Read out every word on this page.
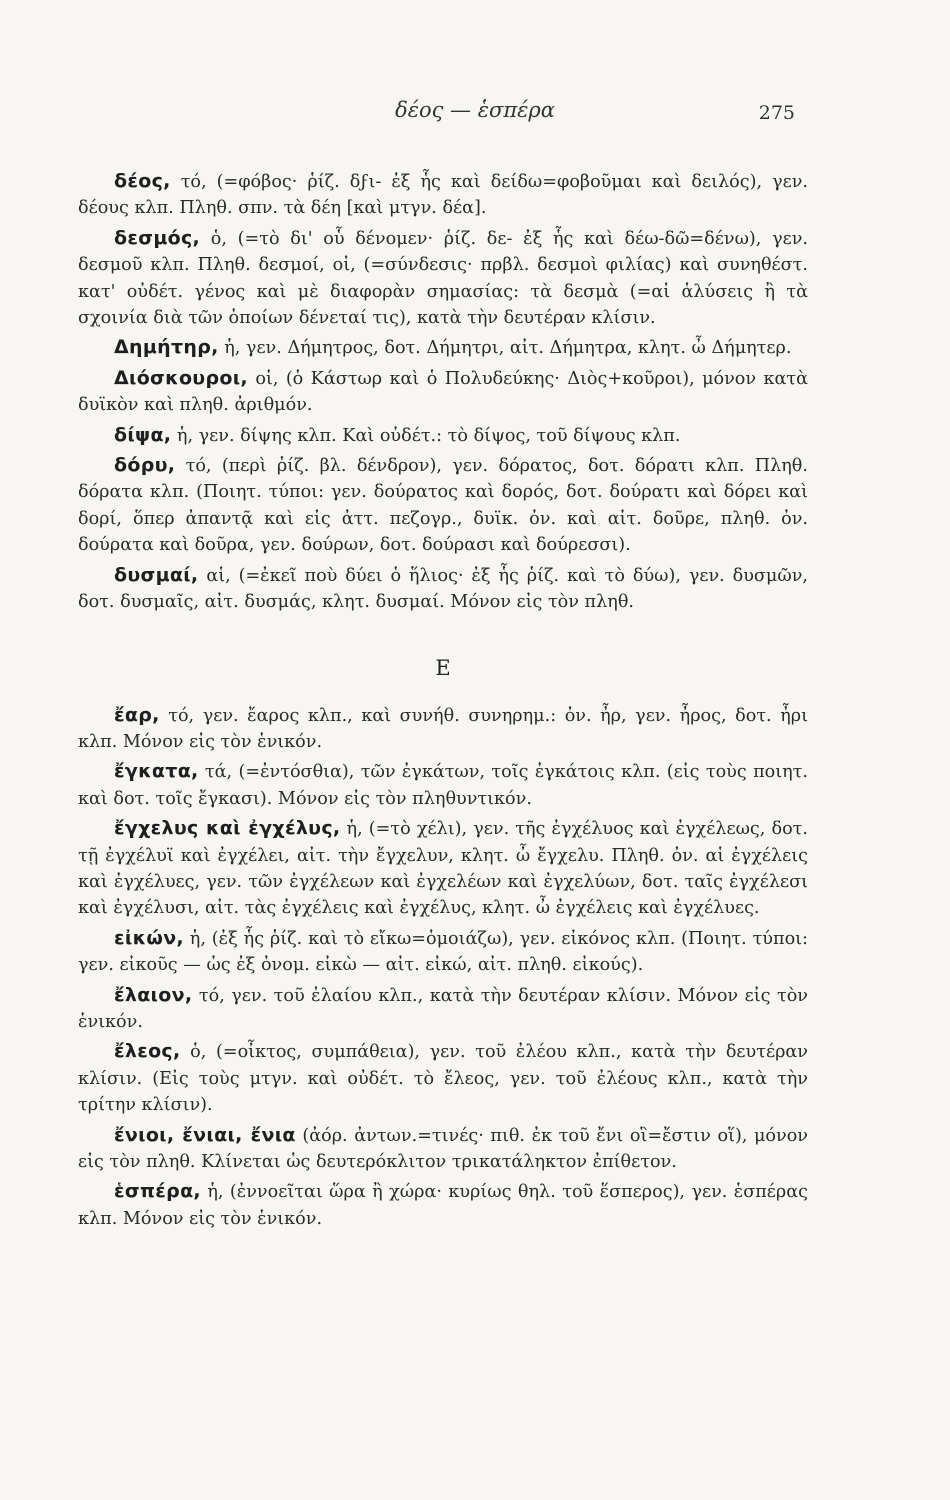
δέος — ἑσπέρα	275

δέος, τό, (=φόβος· ῥίζ. δϝι- ἐξ ἧς καὶ δείδω=φοβοῦμαι καὶ δειλός), γεν. δέους κλπ. Πληθ. σπν. τὰ δέη [καὶ μτγν. δέα].

δεσμός, ὁ, (=τὸ δι' οὗ δένομεν· ῥίζ. δε- ἐξ ἧς καὶ δέω-δῶ=δένω), γεν. δεσμοῦ κλπ. Πληθ. δεσμοί, οἱ, (=σύνδεσις· πρβλ. δεσμοὶ φιλίας) καὶ συνηθέστ. κατ' οὐδέτ. γένος καὶ μὲ διαφορὰν σημασίας: τὰ δεσμὰ (=αἱ ἁλύσεις ἢ τὰ σχοινία διὰ τῶν ὁποίων δένεταί τις), κατὰ τὴν δευτέραν κλίσιν.

Δημήτηρ, ἡ, γεν. Δήμητρος, δοτ. Δήμητρι, αἰτ. Δήμητρα, κλητ. ὦ Δήμητερ.

Διόσκουροι, οἱ, (ὁ Κάστωρ καὶ ὁ Πολυδεύκης· Διὸς+κοῦροι), μόνον κατὰ δυϊκὸν καὶ πληθ. ἀριθμόν.

δίψα, ἡ, γεν. δίψης κλπ. Καὶ οὐδέτ.: τὸ δίψος, τοῦ δίψους κλπ.

δόρυ, τό, (περὶ ῥίζ. βλ. δένδρον), γεν. δόρατος, δοτ. δόρατι κλπ. Πληθ. δόρατα κλπ. (Ποιητ. τύποι: γεν. δούρατος καὶ δορός, δοτ. δούρατι καὶ δόρει καὶ δορί, ὅπερ ἀπαντᾷ καὶ εἰς ἀττ. πεζογρ., δυϊκ. ὀν. καὶ αἰτ. δοῦρε, πληθ. ὀν. δούρατα καὶ δοῦρα, γεν. δούρων, δοτ. δούρασι καὶ δούρεσσι).

δυσμαί, αἱ, (=ἐκεῖ ποὺ δύει ὁ ἥλιος· ἐξ ἧς ῥίζ. καὶ τὸ δύω), γεν. δυσμῶν, δοτ. δυσμαῖς, αἰτ. δυσμάς, κλητ. δυσμαί. Μόνον εἰς τὸν πληθ.

Ε

ἔαρ, τό, γεν. ἔαρος κλπ., καὶ συνήθ. συνηρημ.: ὀν. ἦρ, γεν. ἦρος, δοτ. ἦρι κλπ. Μόνον εἰς τὸν ἑνικόν.

ἔγκατα, τά, (=ἐντόσθια), τῶν ἐγκάτων, τοῖς ἐγκάτοις κλπ. (εἰς τοὺς ποιητ. καὶ δοτ. τοῖς ἔγκασι). Μόνον εἰς τὸν πληθυντικόν.

ἔγχελυς καὶ ἐγχέλυς, ἡ, (=τὸ χέλι), γεν. τῆς ἐγχέλυος καὶ ἐγχέλεως, δοτ. τῇ ἐγχέλυϊ καὶ ἐγχέλει, αἰτ. τὴν ἔγχελυν, κλητ. ὦ ἔγχελυ. Πληθ. ὀν. αἱ ἐγχέλεις καὶ ἐγχέλυες, γεν. τῶν ἐγχέλεων καὶ ἐγχελέων καὶ ἐγχελύων, δοτ. ταῖς ἐγχέλεσι καὶ ἐγχέλυσι, αἰτ. τὰς ἐγχέλεις καὶ ἐγχέλυς, κλητ. ὦ ἐγχέλεις καὶ ἐγχέλυες.

εἰκών, ἡ, (ἐξ ἧς ῥίζ. καὶ τὸ εἴκω=ὁμοιάζω), γεν. εἰκόνος κλπ. (Ποιητ. τύποι: γεν. εἰκοῦς — ὡς ἐξ ὀνομ. εἰκὼ — αἰτ. εἰκώ, αἰτ. πληθ. εἰκούς).

ἔλαιον, τό, γεν. τοῦ ἐλαίου κλπ., κατὰ τὴν δευτέραν κλίσιν. Μόνον εἰς τὸν ἑνικόν.

ἔλεος, ὁ, (=οἶκτος, συμπάθεια), γεν. τοῦ ἐλέου κλπ., κατὰ τὴν δευτέραν κλίσιν. (Εἰς τοὺς μτγν. καὶ οὐδέτ. τὸ ἔλεος, γεν. τοῦ ἐλέους κλπ., κατὰ τὴν τρίτην κλίσιν).

ἔνιοι, ἔνιαι, ἔνια (ἀόρ. ἀντων.=τινές· πιθ. ἐκ τοῦ ἔνι οἳ=ἔστιν οἵ), μόνον εἰς τὸν πληθ. Κλίνεται ὡς δευτερόκλιτον τρικατάληκτον ἐπίθετον.

ἑσπέρα, ἡ, (ἐννοεῖται ὥρα ἢ χώρα· κυρίως θηλ. τοῦ ἕσπερος), γεν. ἑσπέρας κλπ. Μόνον εἰς τὸν ἑνικόν.
